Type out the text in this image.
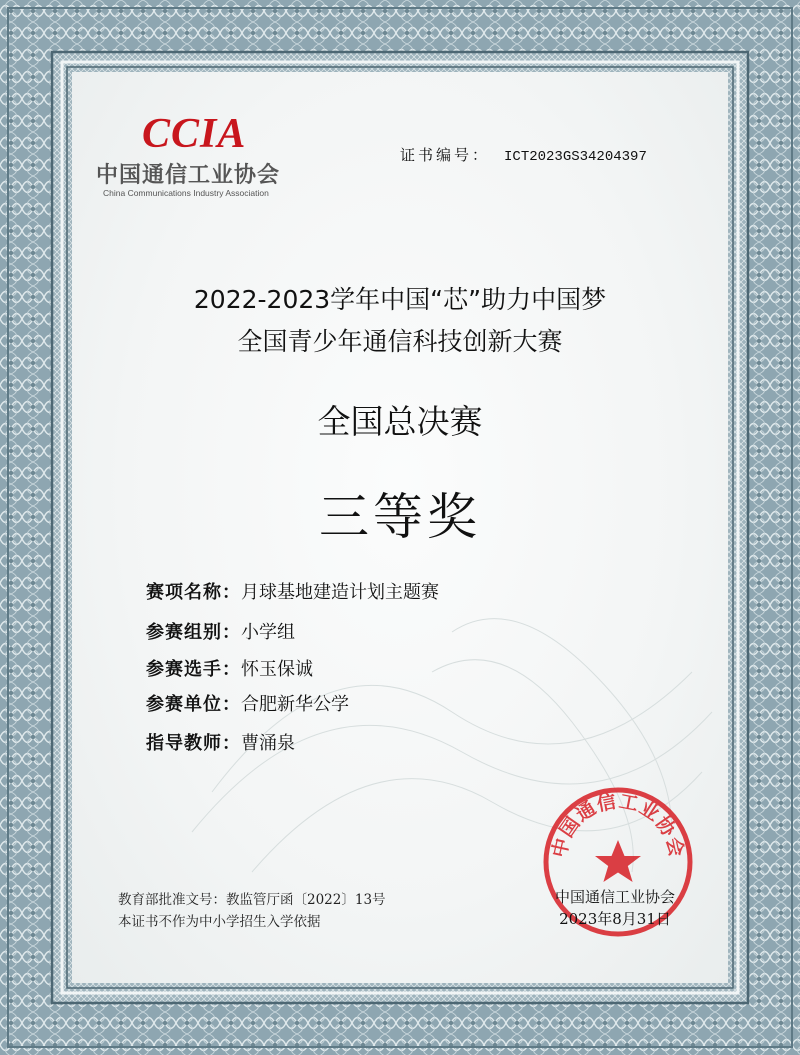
CCIA
中国通信工业协会
China Communications Industry Association
证书编号： ICT2023GS34204397
2022-2023学年中国“芯”助力中国梦
全国青少年通信科技创新大赛
全国总决赛
三等奖
赛项名称：月球基地建造计划主题赛
参赛组别：小学组
参赛选手：怀玉保诚
参赛单位：合肥新华公学
指导教师：曹涌泉
教育部批准文号：教监管厅函〔2022〕13号
本证书不作为中小学招生入学依据
中国通信工业协会
中国通信工业协会
2023年8月31日
